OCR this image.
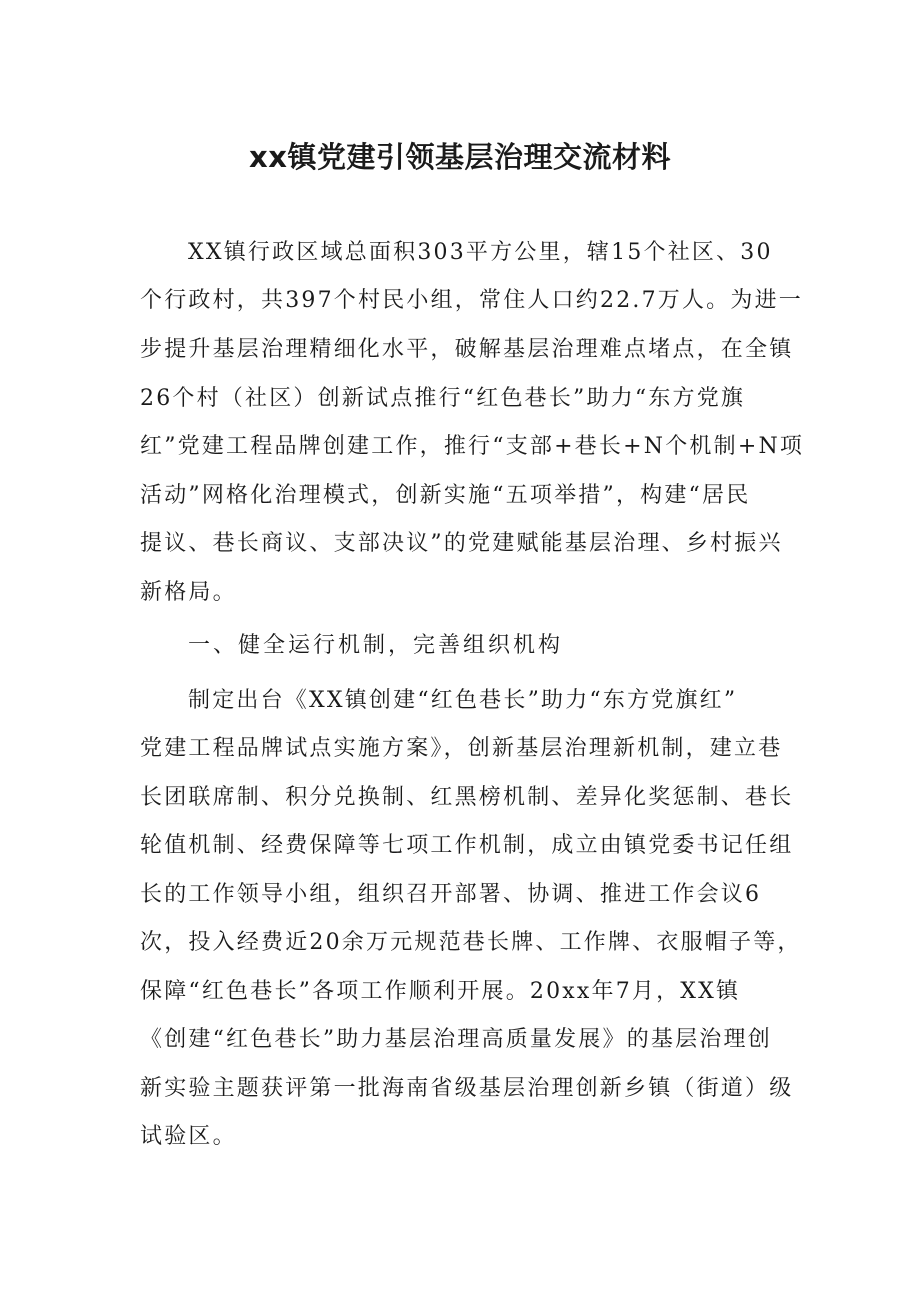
xx镇党建引领基层治理交流材料
XX镇行政区域总面积303平方公里，辖15个社区、30
个行政村，共397个村民小组，常住人口约22.7万人。为进一
步提升基层治理精细化水平，破解基层治理难点堵点，在全镇
26个村（社区）创新试点推行“红色巷长”助力“东方党旗
红”党建工程品牌创建工作，推行“支部+巷长+N个机制+N项
活动”网格化治理模式，创新实施“五项举措”，构建“居民
提议、巷长商议、支部决议”的党建赋能基层治理、乡村振兴
新格局。
一、健全运行机制，完善组织机构
制定出台《XX镇创建“红色巷长”助力“东方党旗红”
党建工程品牌试点实施方案》，创新基层治理新机制，建立巷
长团联席制、积分兑换制、红黑榜机制、差异化奖惩制、巷长
轮值机制、经费保障等七项工作机制，成立由镇党委书记任组
长的工作领导小组，组织召开部署、协调、推进工作会议6
次，投入经费近20余万元规范巷长牌、工作牌、衣服帽子等，
保障“红色巷长”各项工作顺利开展。20xx年7月，XX镇
《创建“红色巷长”助力基层治理高质量发展》的基层治理创
新实验主题获评第一批海南省级基层治理创新乡镇（街道）级
试验区。
